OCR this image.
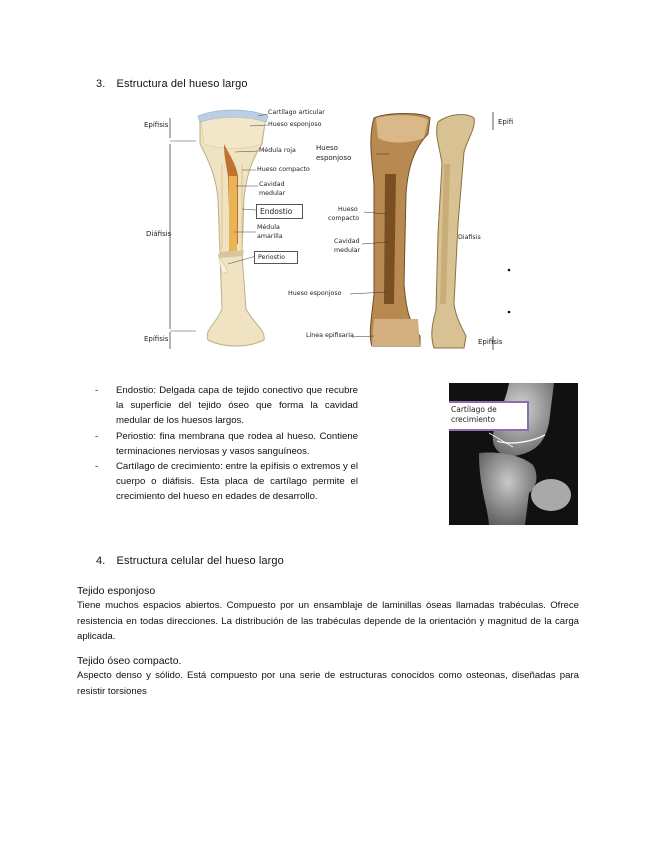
3. Estructura del hueso largo
Epífisis
Diáfisis
Epífisis
Cartílago articular
Hueso esponjoso
Médula roja
Hueso compacto
Cavidad
medular
Endostio
Médula
amarilla
Periostio
Hueso
esponjoso
Hueso
compacto
Cavidad
medular
Hueso esponjoso
Línea epifisaria
Epifi
Diafisis
Epifisis
- Endostio: Delgada capa de tejido conectivo que recubre la superficie del tejido óseo que forma la cavidad medular de los huesos largos.
- Periostio: fina membrana que rodea al hueso. Contiene terminaciones nerviosas y vasos sanguíneos.
- Cartílago de crecimiento: entre la epífisis o extremos y el cuerpo o diáfisis. Esta placa de cartílago permite el crecimiento del hueso en edades de desarrollo.
Cartílago de
crecimiento
4. Estructura celular del hueso largo
Tejido esponjoso
Tiene muchos espacios abiertos. Compuesto por un ensamblaje de laminillas óseas llamadas trabéculas. Ofrece resistencia en todas direcciones. La distribución de las trabéculas depende de la orientación y magnitud de la carga aplicada.
Tejido óseo compacto.
Aspecto denso y sólido. Está compuesto por una serie de estructuras conocidos como osteonas, diseñadas para resistir torsiones
